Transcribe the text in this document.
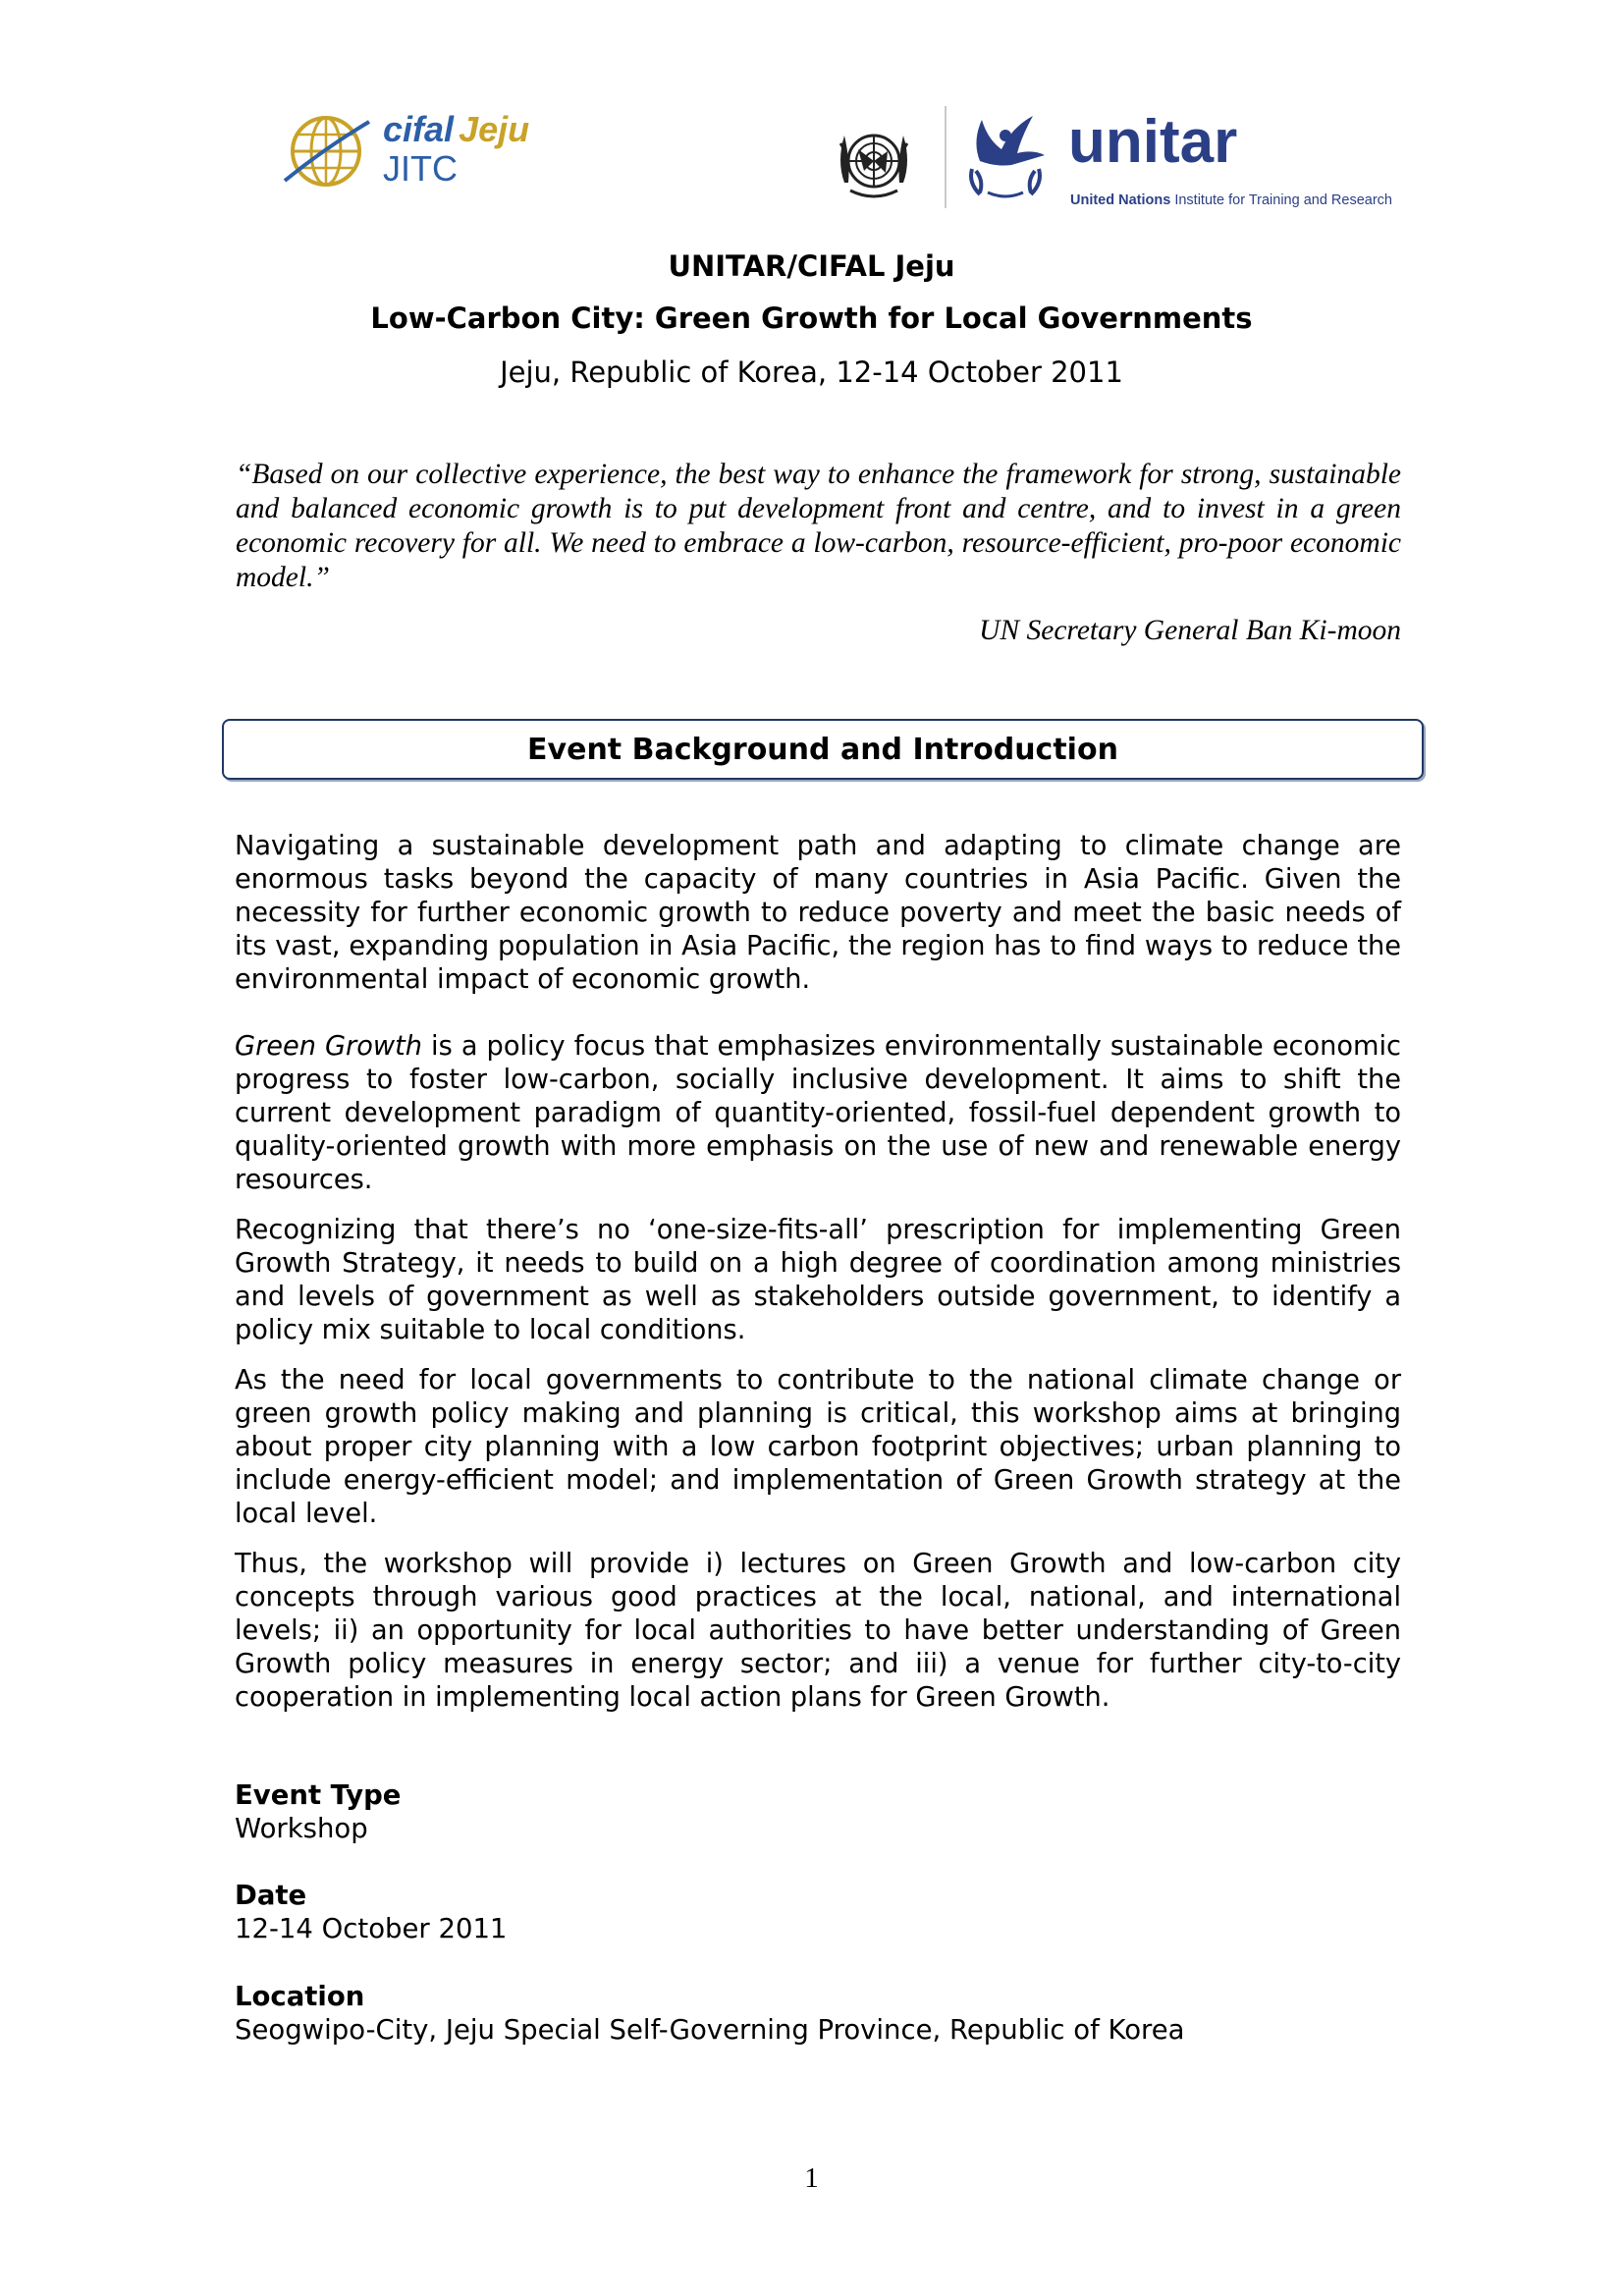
cifal Jeju
JITC	unitar
United Nations Institute for Training and Research
UNITAR/CIFAL Jeju
Low-Carbon City: Green Growth for Local Governments
Jeju, Republic of Korea, 12-14 October 2011
“Based on our collective experience, the best way to enhance the framework for strong, sustainable and balanced economic growth is to put development front and centre, and to invest in a green economic recovery for all. We need to embrace a low-carbon, resource-efficient, pro-poor economic model.”
UN Secretary General Ban Ki-moon
Event Background and Introduction
Navigating a sustainable development path and adapting to climate change are enormous tasks beyond the capacity of many countries in Asia Pacific. Given the necessity for further economic growth to reduce poverty and meet the basic needs of its vast, expanding population in Asia Pacific, the region has to find ways to reduce the environmental impact of economic growth.
Green Growth is a policy focus that emphasizes environmentally sustainable economic progress to foster low-carbon, socially inclusive development. It aims to shift the current development paradigm of quantity-oriented, fossil-fuel dependent growth to quality-oriented growth with more emphasis on the use of new and renewable energy resources.
Recognizing that there’s no ‘one-size-fits-all’ prescription for implementing Green Growth Strategy, it needs to build on a high degree of coordination among ministries and levels of government as well as stakeholders outside government, to identify a policy mix suitable to local conditions.
As the need for local governments to contribute to the national climate change or green growth policy making and planning is critical, this workshop aims at bringing about proper city planning with a low carbon footprint objectives; urban planning to include energy-efficient model; and implementation of Green Growth strategy at the local level.
Thus, the workshop will provide i) lectures on Green Growth and low-carbon city concepts through various good practices at the local, national, and international levels; ii) an opportunity for local authorities to have better understanding of Green Growth policy measures in energy sector; and iii) a venue for further city-to-city cooperation in implementing local action plans for Green Growth.
Event Type
Workshop
Date
12-14 October 2011
Location
Seogwipo-City, Jeju Special Self-Governing Province, Republic of Korea
1
